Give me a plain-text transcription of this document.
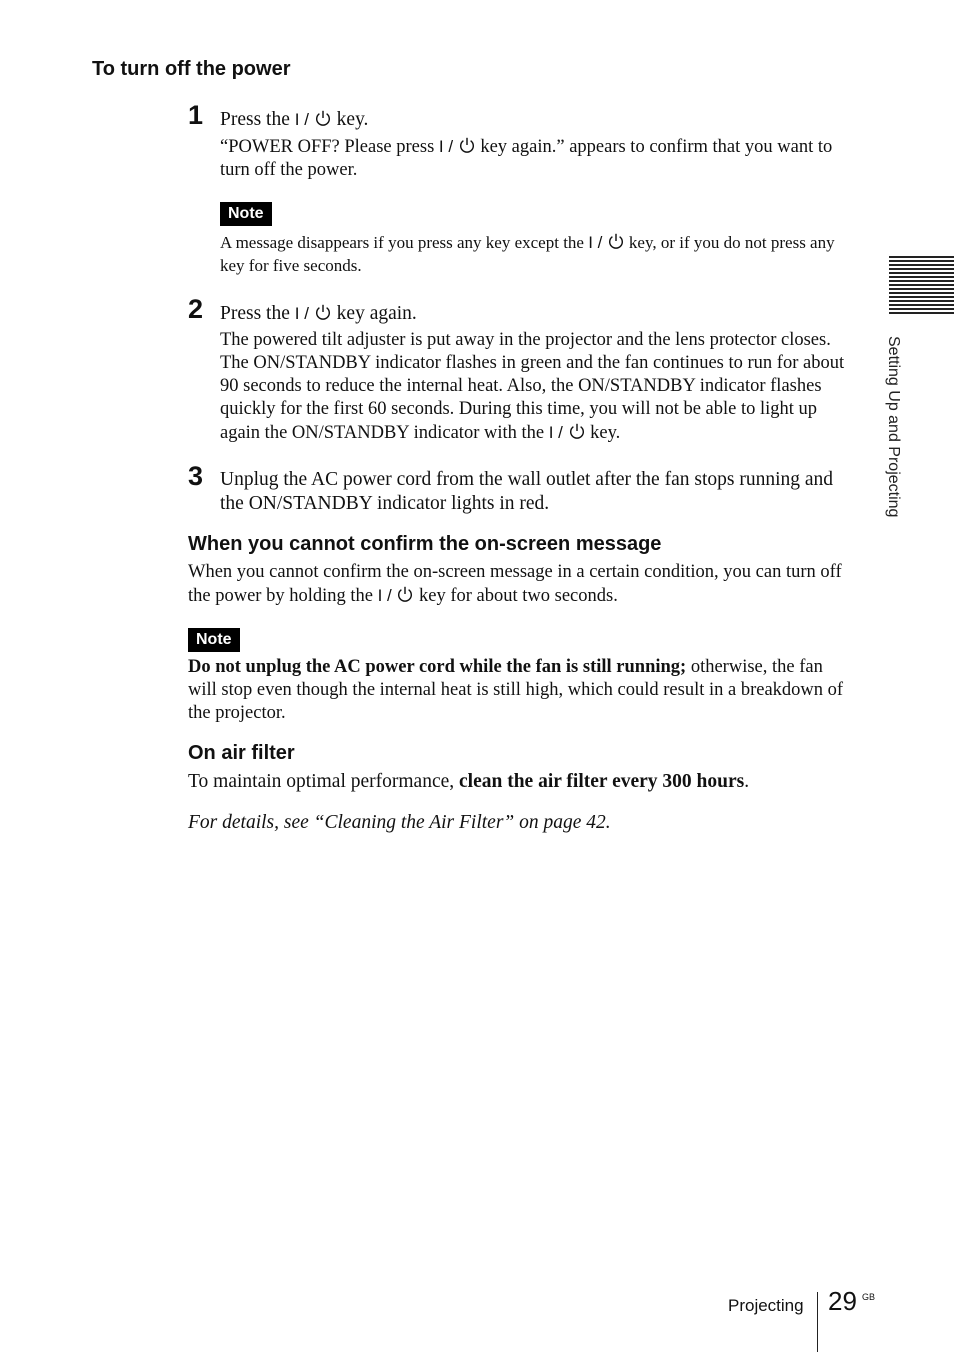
To turn off the power
1 Press the I / key.
“POWER OFF? Please press I / key again.” appears to confirm that you want to turn off the power.
Note
A message disappears if you press any key except the I / key, or if you do not press any key for five seconds.
2 Press the I / key again.
The powered tilt adjuster is put away in the projector and the lens protector closes. The ON/STANDBY indicator flashes in green and the fan continues to run for about 90 seconds to reduce the internal heat. Also, the ON/STANDBY indicator flashes quickly for the first 60 seconds. During this time, you will not be able to light up again the ON/STANDBY indicator with the I / key.
3 Unplug the AC power cord from the wall outlet after the fan stops running and the ON/STANDBY indicator lights in red.
When you cannot confirm the on-screen message
When you cannot confirm the on-screen message in a certain condition, you can turn off the power by holding the I / key for about two seconds.
Note
Do not unplug the AC power cord while the fan is still running; otherwise, the fan will stop even though the internal heat is still high, which could result in a breakdown of the projector.
On air filter
To maintain optimal performance, clean the air filter every 300 hours.
For details, see “Cleaning the Air Filter” on page 42.
Setting Up and Projecting
Projecting 29 GB
